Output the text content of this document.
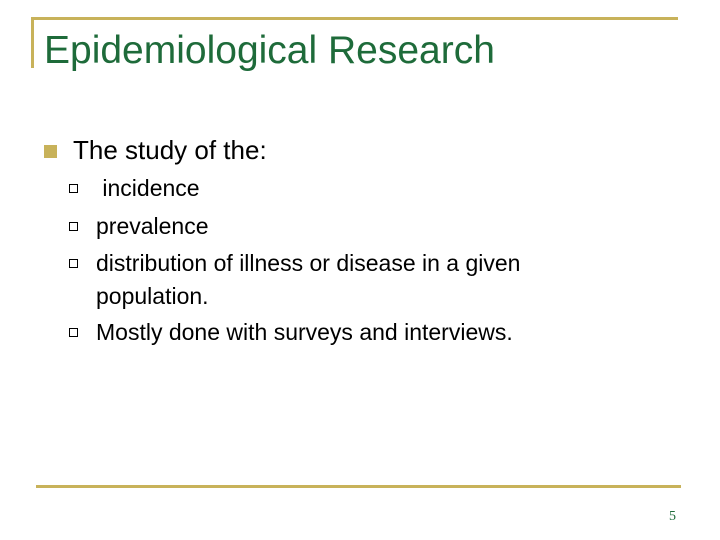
Epidemiological Research
The study of the:
incidence
prevalence
distribution of illness or disease in a given
population.
Mostly done with surveys and interviews.
5
